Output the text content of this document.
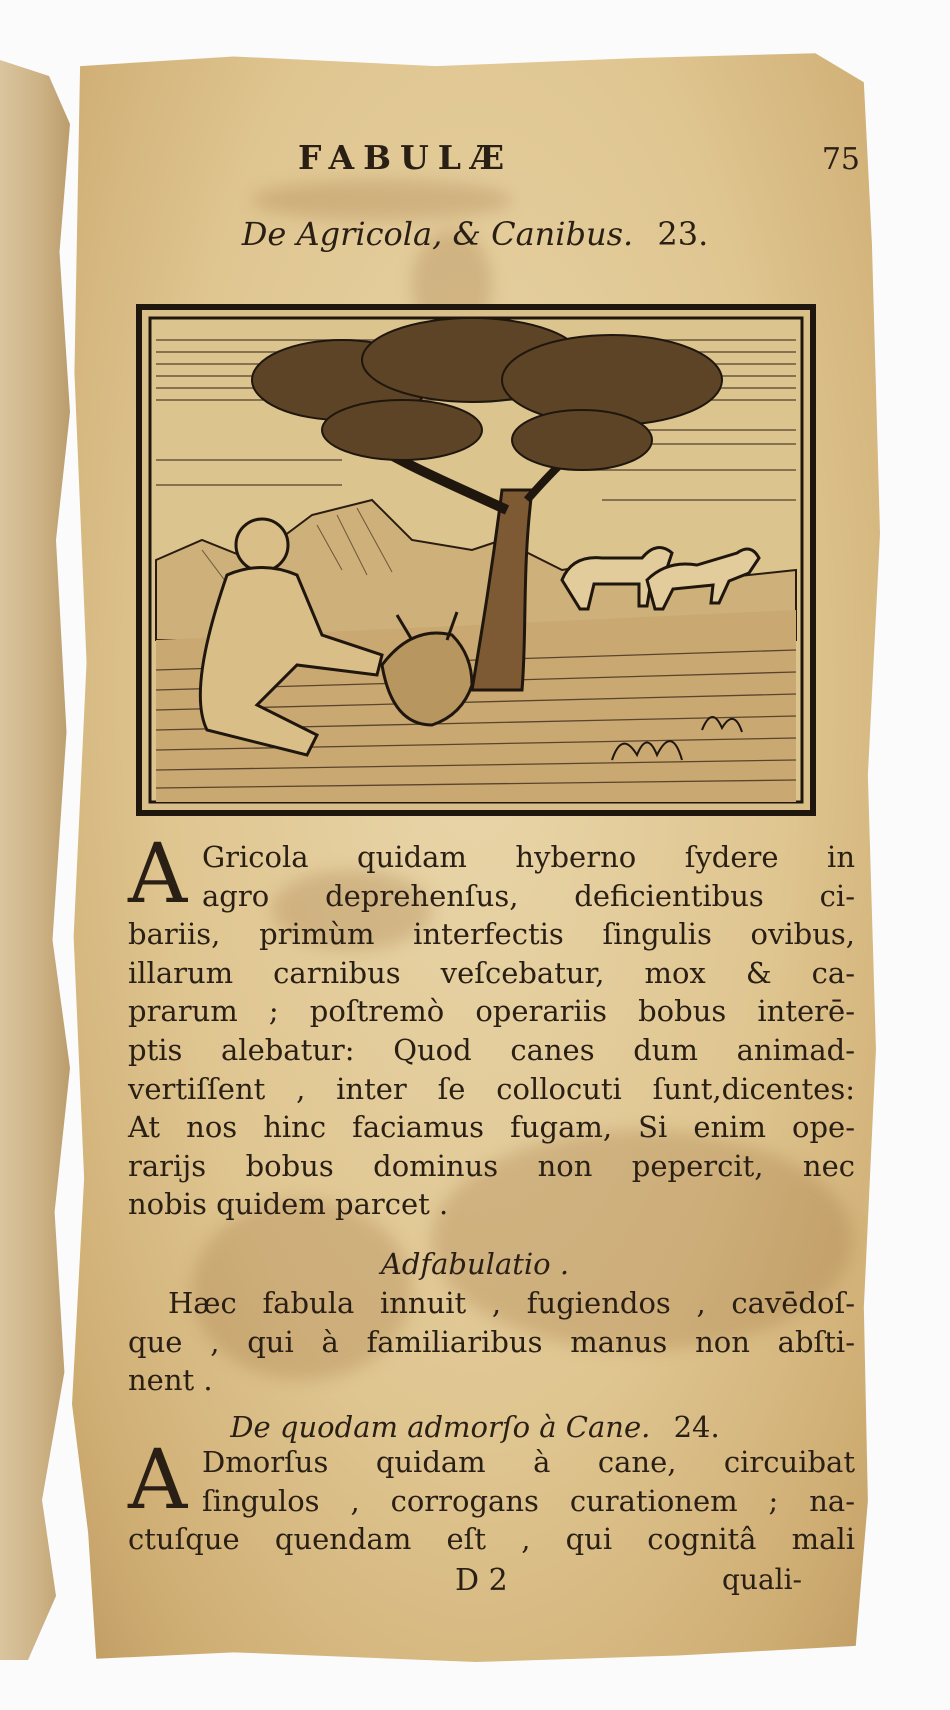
FABULÆ	75
De Agricola, & Canibus. 23.
A Gricola quidam hyberno ſydere in
agro deprehenſus, deficientibus ci-
bariis, primùm interfectis ſingulis ovibus,
illarum carnibus veſcebatur, mox & ca-
prarum ; poſtremò operariis bobus interē-
ptis alebatur: Quod canes dum animad-
vertiſſent , inter ſe collocuti ſunt,dicentes:
At nos hinc faciamus fugam, Si enim ope-
rarijs bobus dominus non pepercit, nec
nobis quidem parcet .
Adfabulatio .
Hæc fabula innuit , fugiendos , cavēdoſ-
que , qui à familiaribus manus non abſti-
nent .
De quodam admorſo à Cane. 24.
A Dmorſus quidam à cane, circuibat
ſingulos , corrogans curationem ; na-
ctuſque quendam eſt , qui cognitâ mali
D 2	quali-
